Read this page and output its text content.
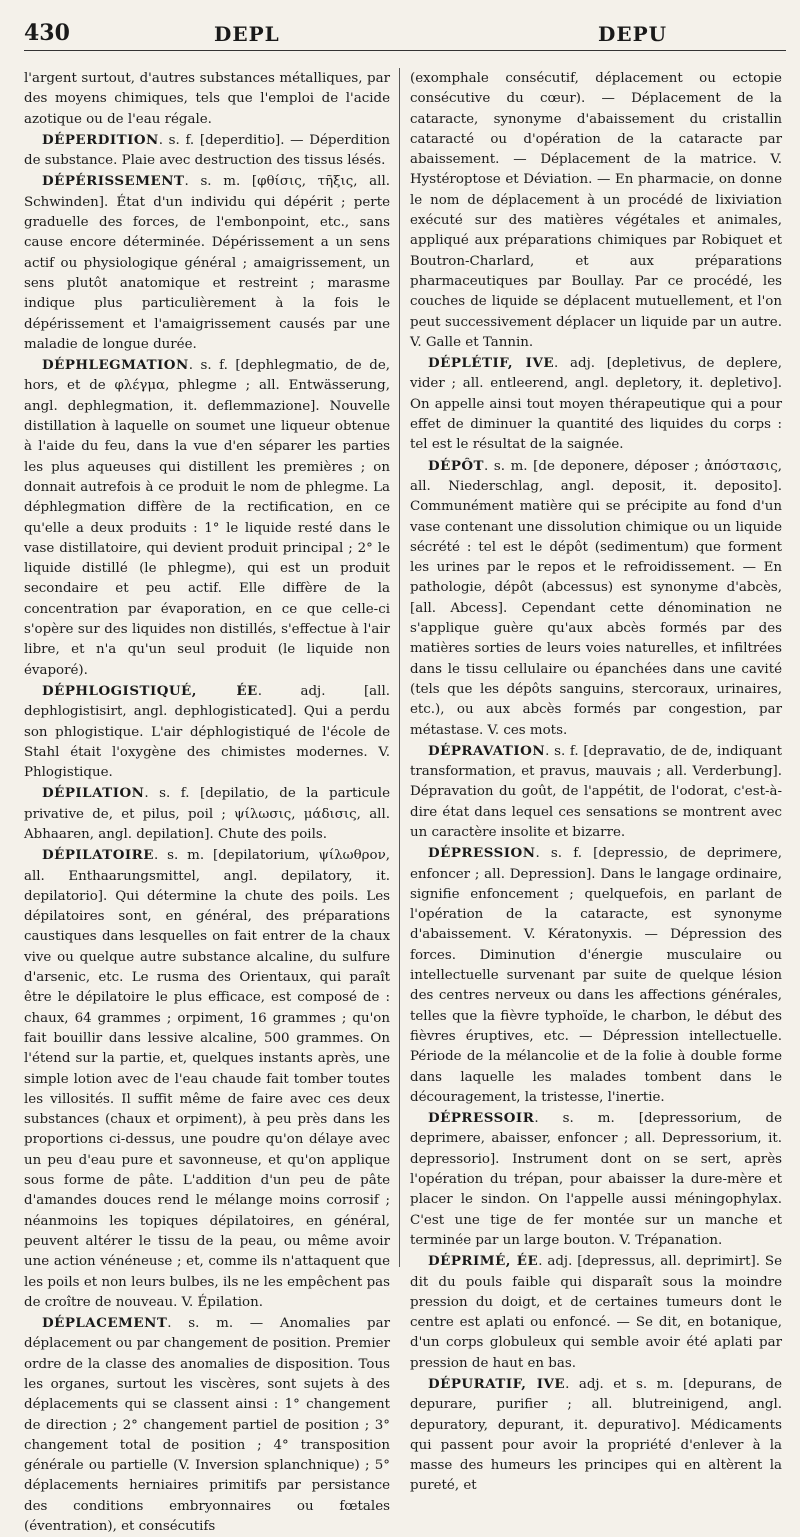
430	DEPL	DEPU

l'argent surtout, d'autres substances métalliques, par des moyens chimiques, tels que l'emploi de l'acide azotique ou de l'eau régale.

DÉPERDITION. s. f. [deperditio]. — Déperdition de substance. Plaie avec destruction des tissus lésés.

DÉPÉRISSEMENT. s. m. [φθίσις, τῆξις, all. Schwinden]. État d'un individu qui dépérit ; perte graduelle des forces, de l'embonpoint, etc., sans cause encore déterminée. Dépérissement a un sens actif ou physiologique général ; amaigrissement, un sens plutôt anatomique et restreint ; marasme indique plus particulièrement à la fois le dépérissement et l'amaigrissement causés par une maladie de longue durée.

DÉPHLEGMATION. s. f. [dephlegmatio, de de, hors, et de φλέγμα, phlegme ; all. Entwässerung, angl. dephlegmation, it. deflemmazione]. Nouvelle distillation à laquelle on soumet une liqueur obtenue à l'aide du feu, dans la vue d'en séparer les parties les plus aqueuses qui distillent les premières ; on donnait autrefois à ce produit le nom de phlegme. La déphlegmation diffère de la rectification, en ce qu'elle a deux produits : 1° le liquide resté dans le vase distillatoire, qui devient produit principal ; 2° le liquide distillé (le phlegme), qui est un produit secondaire et peu actif. Elle diffère de la concentration par évaporation, en ce que celle-ci s'opère sur des liquides non distillés, s'effectue à l'air libre, et n'a qu'un seul produit (le liquide non évaporé).

DÉPHLOGISTIQUÉ, ÉE. adj. [all. dephlogistisirt, angl. dephlogisticated]. Qui a perdu son phlogistique. L'air déphlogistiqué de l'école de Stahl était l'oxygène des chimistes modernes. V. Phlogistique.

DÉPILATION. s. f. [depilatio, de la particule privative de, et pilus, poil ; ψίλωσις, μάδισις, all. Abhaaren, angl. depilation]. Chute des poils.

DÉPILATOIRE. s. m. [depilatorium, ψίλωθρον, all. Enthaarungsmittel, angl. depilatory, it. depilatorio]. Qui détermine la chute des poils. Les dépilatoires sont, en général, des préparations caustiques dans lesquelles on fait entrer de la chaux vive ou quelque autre substance alcaline, du sulfure d'arsenic, etc. Le rusma des Orientaux, qui paraît être le dépilatoire le plus efficace, est composé de : chaux, 64 grammes ; orpiment, 16 grammes ; qu'on fait bouillir dans lessive alcaline, 500 grammes. On l'étend sur la partie, et, quelques instants après, une simple lotion avec de l'eau chaude fait tomber toutes les villosités. Il suffit même de faire avec ces deux substances (chaux et orpiment), à peu près dans les proportions ci-dessus, une poudre qu'on délaye avec un peu d'eau pure et savonneuse, et qu'on applique sous forme de pâte. L'addition d'un peu de pâte d'amandes douces rend le mélange moins corrosif ; néanmoins les topiques dépilatoires, en général, peuvent altérer le tissu de la peau, ou même avoir une action vénéneuse ; et, comme ils n'attaquent que les poils et non leurs bulbes, ils ne les empêchent pas de croître de nouveau. V. Épilation.

DÉPLACEMENT. s. m. — Anomalies par déplacement ou par changement de position. Premier ordre de la classe des anomalies de disposition. Tous les organes, surtout les viscères, sont sujets à des déplacements qui se classent ainsi : 1° changement de direction ; 2° changement partiel de position ; 3° changement total de position ; 4° transposition générale ou partielle (V. Inversion splanchnique) ; 5° déplacements herniaires primitifs par persistance des conditions embryonnaires ou fœtales (éventration), et consécutifs

(exomphale consécutif, déplacement ou ectopie consécutive du cœur). — Déplacement de la cataracte, synonyme d'abaissement du cristallin cataracté ou d'opération de la cataracte par abaissement. — Déplacement de la matrice. V. Hystéroptose et Déviation. — En pharmacie, on donne le nom de déplacement à un procédé de lixiviation exécuté sur des matières végétales et animales, appliqué aux préparations chimiques par Robiquet et Boutron-Charlard, et aux préparations pharmaceutiques par Boullay. Par ce procédé, les couches de liquide se déplacent mutuellement, et l'on peut successivement déplacer un liquide par un autre. V. Galle et Tannin.

DÉPLÉTIF, IVE. adj. [depletivus, de deplere, vider ; all. entleerend, angl. depletory, it. depletivo]. On appelle ainsi tout moyen thérapeutique qui a pour effet de diminuer la quantité des liquides du corps : tel est le résultat de la saignée.

DÉPÔT. s. m. [de deponere, déposer ; ἀπόστασις, all. Niederschlag, angl. deposit, it. deposito]. Communément matière qui se précipite au fond d'un vase contenant une dissolution chimique ou un liquide sécrété : tel est le dépôt (sedimentum) que forment les urines par le repos et le refroidissement. — En pathologie, dépôt (abcessus) est synonyme d'abcès, [all. Abcess]. Cependant cette dénomination ne s'applique guère qu'aux abcès formés par des matières sorties de leurs voies naturelles, et infiltrées dans le tissu cellulaire ou épanchées dans une cavité (tels que les dépôts sanguins, stercoraux, urinaires, etc.), ou aux abcès formés par congestion, par métastase. V. ces mots.

DÉPRAVATION. s. f. [depravatio, de de, indiquant transformation, et pravus, mauvais ; all. Verderbung]. Dépravation du goût, de l'appétit, de l'odorat, c'est-à-dire état dans lequel ces sensations se montrent avec un caractère insolite et bizarre.

DÉPRESSION. s. f. [depressio, de deprimere, enfoncer ; all. Depression]. Dans le langage ordinaire, signifie enfoncement ; quelquefois, en parlant de l'opération de la cataracte, est synonyme d'abaissement. V. Kératonyxis. — Dépression des forces. Diminution d'énergie musculaire ou intellectuelle survenant par suite de quelque lésion des centres nerveux ou dans les affections générales, telles que la fièvre typhoïde, le charbon, le début des fièvres éruptives, etc. — Dépression intellectuelle. Période de la mélancolie et de la folie à double forme dans laquelle les malades tombent dans le découragement, la tristesse, l'inertie.

DÉPRESSOIR. s. m. [depressorium, de deprimere, abaisser, enfoncer ; all. Depressorium, it. depressorio]. Instrument dont on se sert, après l'opération du trépan, pour abaisser la dure-mère et placer le sindon. On l'appelle aussi méningophylax. C'est une tige de fer montée sur un manche et terminée par un large bouton. V. Trépanation.

DÉPRIMÉ, ÉE. adj. [depressus, all. deprimirt]. Se dit du pouls faible qui disparaît sous la moindre pression du doigt, et de certaines tumeurs dont le centre est aplati ou enfoncé. — Se dit, en botanique, d'un corps globuleux qui semble avoir été aplati par pression de haut en bas.

DÉPURATIF, IVE. adj. et s. m. [depurans, de depurare, purifier ; all. blutreinigend, angl. depuratory, depurant, it. depurativo]. Médicaments qui passent pour avoir la propriété d'enlever à la masse des humeurs les principes qui en altèrent la pureté, et
